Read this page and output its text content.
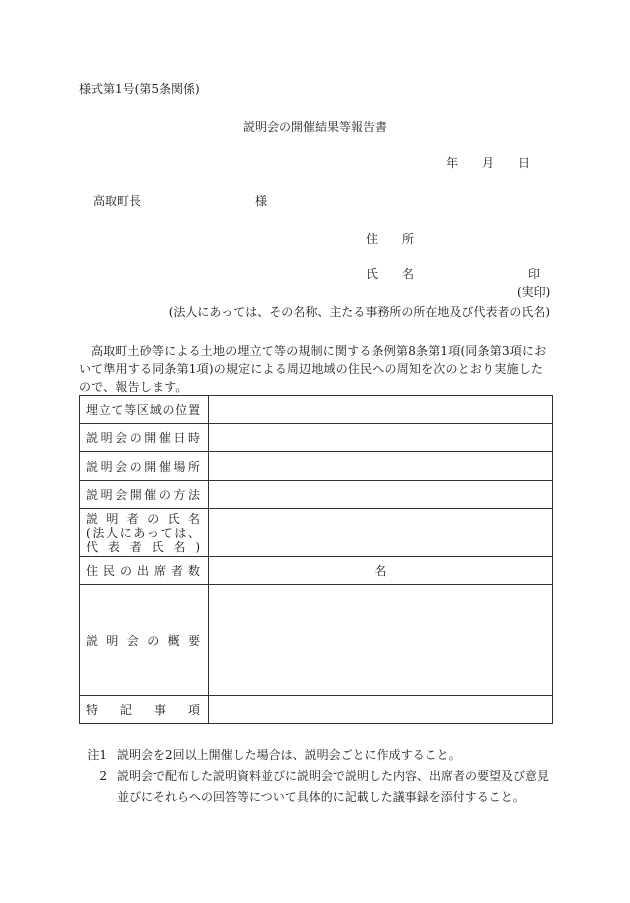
様式第1号(第5条関係)
説明会の開催結果等報告書
年 月 日
高取町長	様
住　　所
氏　　名	印
(実印)
(法人にあっては、その名称、主たる事務所の所在地及び代表者の氏名)
高取町土砂等による土地の埋立て等の規制に関する条例第8条第1項(同条第3項において準用する同条第1項)の規定による周辺地域の住民への周知を次のとおり実施したので、報告します。
埋立て等区域の位置	

説明会の開催日時	

説明会の開催場所	

説明会開催の方法	

説明者の氏名
(法人にあっては、
代表者氏名)	

住民の出席者数	名

説明会の概要	

特記事項	

注1 説明会を2回以上開催した場合は、説明会ごとに作成すること。
2 説明会で配布した説明資料並びに説明会で説明した内容、出席者の要望及び意見並びにそれらへの回答等について具体的に記載した議事録を添付すること。
